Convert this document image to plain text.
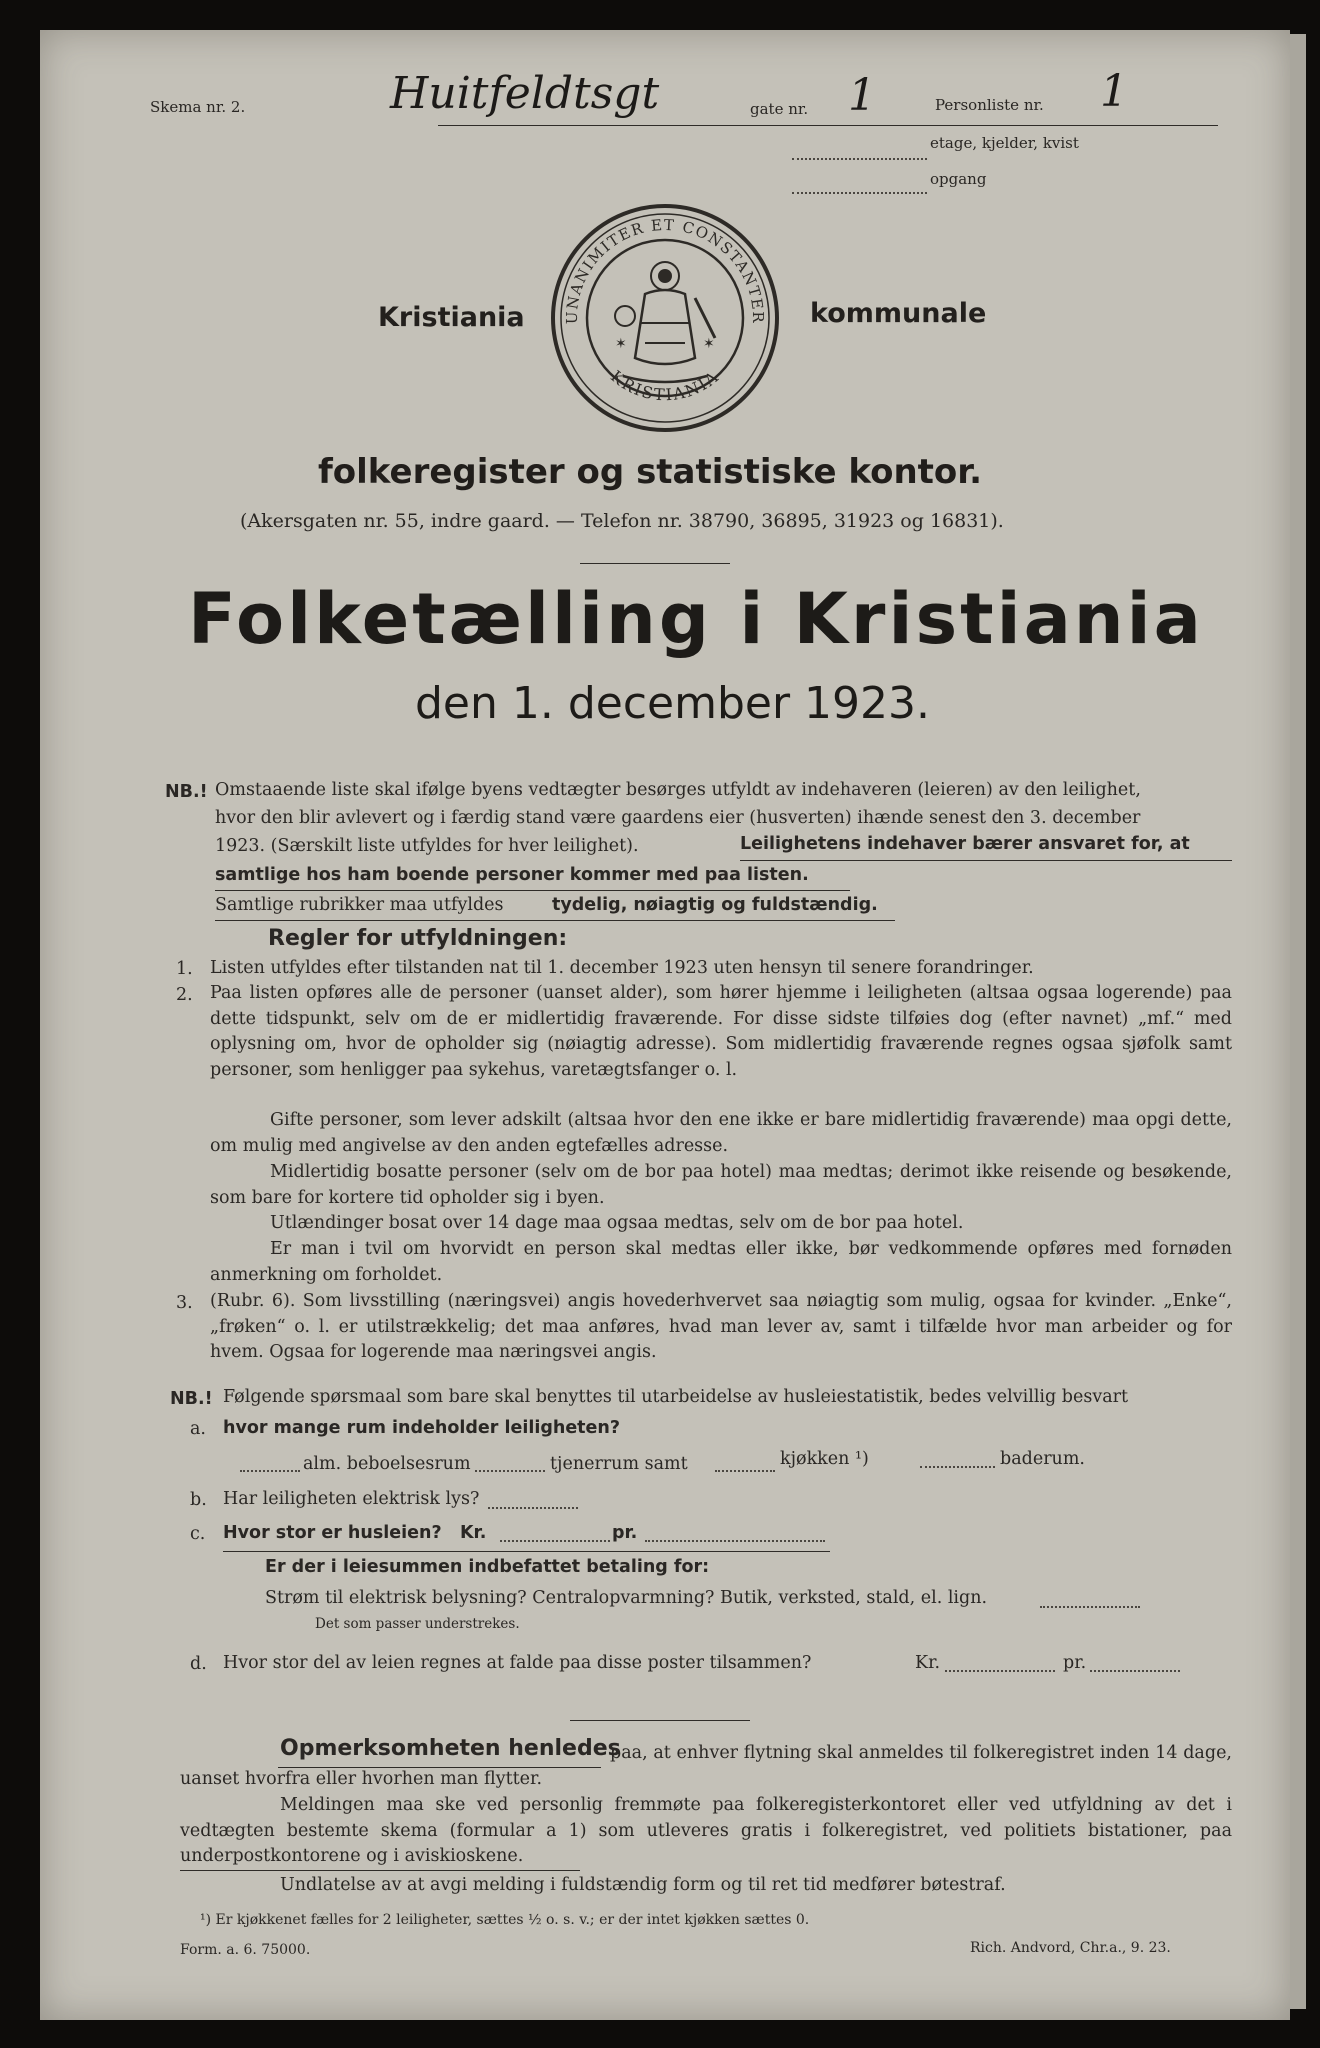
Skema nr. 2.	Huitfeldtsgt	gate nr. 1	Personliste nr. 1
etage, kjelder, kvist
opgang
Kristiania	kommunale
UNANIMITER ET CONSTANTER
KRISTIANIA
✶	✶
folkeregister og statistiske kontor.
(Akersgaten nr. 55, indre gaard. — Telefon nr. 38790, 36895, 31923 og 16831).
Folketælling i Kristiania
den 1. december 1923.
NB.! Omstaaende liste skal ifølge byens vedtægter besørges utfyldt av indehaveren (leieren) av den leilighet,
hvor den blir avlevert og i færdig stand være gaardens eier (husverten) ihænde senest den 3. december
1923. (Særskilt liste utfyldes for hver leilighet).	Leilighetens indehaver bærer ansvaret for, at
samtlige hos ham boende personer kommer med paa listen.
Samtlige rubrikker maa utfyldes	tydelig, nøiagtig og fuldstændig.
Regler for utfyldningen:
1. Listen utfyldes efter tilstanden nat til 1. december 1923 uten hensyn til senere forandringer.
2. Paa listen opføres alle de personer (uanset alder), som hører hjemme i leiligheten (altsaa ogsaa logerende) paa dette tidspunkt, selv om de er midlertidig fraværende. For disse sidste tilføies dog (efter navnet) „mf.“ med oplysning om, hvor de opholder sig (nøiagtig adresse). Som midlertidig fraværende regnes ogsaa sjøfolk samt personer, som henligger paa sykehus, varetægtsfanger o. l.

Gifte personer, som lever adskilt (altsaa hvor den ene ikke er bare midlertidig fraværende) maa opgi dette, om mulig med angivelse av den anden egtefælles adresse.

Midlertidig bosatte personer (selv om de bor paa hotel) maa medtas; derimot ikke reisende og besøkende, som bare for kortere tid opholder sig i byen.

Utlændinger bosat over 14 dage maa ogsaa medtas, selv om de bor paa hotel.

Er man i tvil om hvorvidt en person skal medtas eller ikke, bør vedkommende opføres med fornøden anmerkning om forholdet.

3. (Rubr. 6). Som livsstilling (næringsvei) angis hovederhvervet saa nøiagtig som mulig, ogsaa for kvinder. „Enke“, „frøken“ o. l. er utilstrækkelig; det maa anføres, hvad man lever av, samt i tilfælde hvor man arbeider og for hvem. Ogsaa for logerende maa næringsvei angis.

NB.! Følgende spørsmaal som bare skal benyttes til utarbeidelse av husleiestatistik, bedes velvillig besvart
a. hvor mange rum indeholder leiligheten?
alm. beboelsesrum	tjenerrum samt	kjøkken ¹)	baderum.
b. Har leiligheten elektrisk lys?
c. Hvor stor er husleien? Kr.	pr.
Er der i leiesummen indbefattet betaling for:
Strøm til elektrisk belysning? Centralopvarmning? Butik, verksted, stald, el. lign.
Det som passer understrekes.
d. Hvor stor del av leien regnes at falde paa disse poster tilsammen?	Kr.	pr.
Opmerksomheten henledes

paa, at enhver flytning skal anmeldes til folkeregistret inden 14 dage, uanset hvorfra eller hvorhen man flytter.

Meldingen maa ske ved personlig fremmøte paa folkeregisterkontoret eller ved utfyldning av det i vedtægten bestemte skema (formular a 1) som utleveres gratis i folkeregistret, ved politiets bistationer, paa underpostkontorene og i aviskioskene.

Undlatelse av at avgi melding i fuldstændig form og til ret tid medfører bøtestraf.

¹) Er kjøkkenet fælles for 2 leiligheter, sættes ½ o. s. v.; er der intet kjøkken sættes 0.
Form. a. 6. 75000.	Rich. Andvord, Chr.a., 9. 23.
